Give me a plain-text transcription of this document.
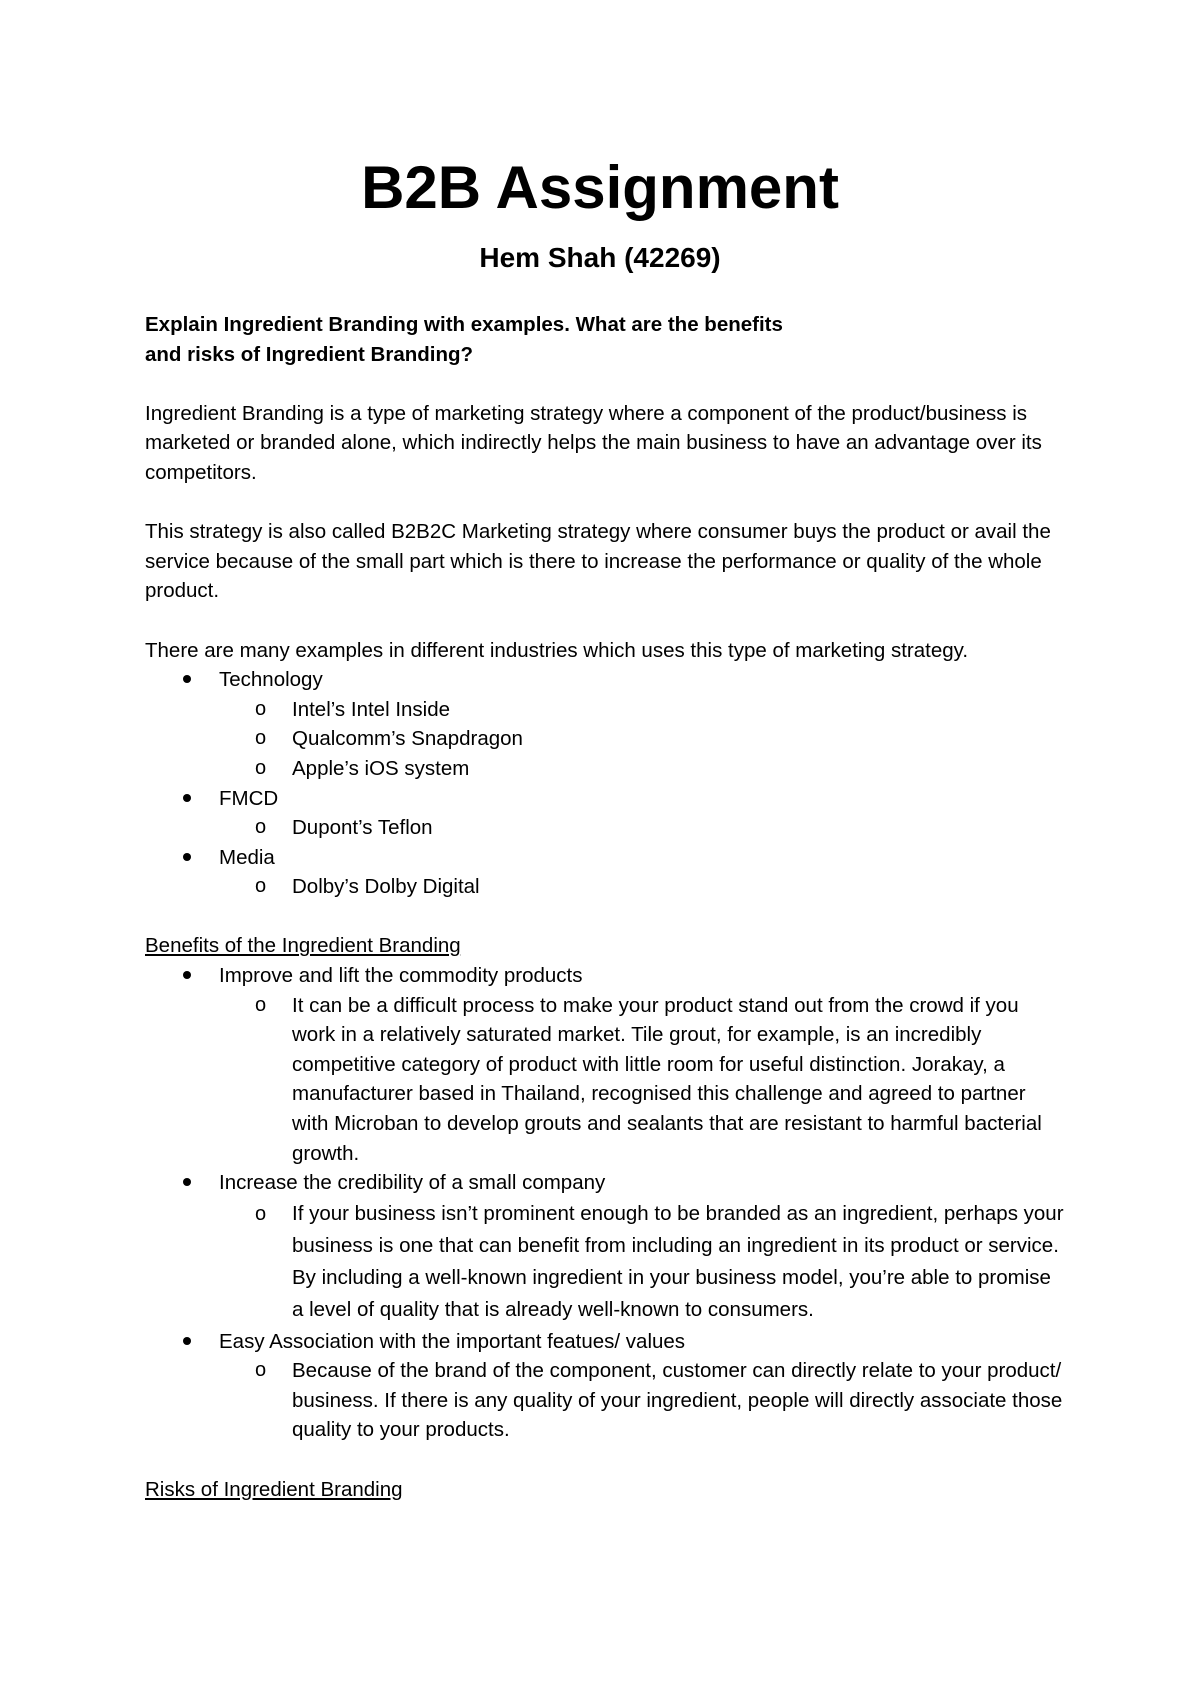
B2B Assignment
Hem Shah (42269)

Explain Ingredient Branding with examples. What are the benefits

and risks of Ingredient Branding?

Ingredient Branding is a type of marketing strategy where a component of the product/business is marketed or branded alone, which indirectly helps the main business to have an advantage over its competitors.

This strategy is also called B2B2C Marketing strategy where consumer buys the product or avail the service because of the small part which is there to increase the performance or quality of the whole product.

There are many examples in different industries which uses this type of marketing strategy.

Technology
o Intel’s Intel Inside
o Qualcomm’s Snapdragon
o Apple’s iOS system
FMCD
o Dupont’s Teflon
Media
o Dolby’s Dolby Digital

Benefits of the Ingredient Branding

Improve and lift the commodity products
o It can be a difficult process to make your product stand out from the crowd if you work in a relatively saturated market. Tile grout, for example, is an incredibly competitive category of product with little room for useful distinction. Jorakay, a manufacturer based in Thailand, recognised this challenge and agreed to partner with Microban to develop grouts and sealants that are resistant to harmful bacterial growth.
Increase the credibility of a small company
o If your business isn’t prominent enough to be branded as an ingredient, perhaps your business is one that can benefit from including an ingredient in its product or service. By including a well-known ingredient in your business model, you’re able to promise a level of quality that is already well-known to consumers.
Easy Association with the important featues/ values
o Because of the brand of the component, customer can directly relate to your product/ business. If there is any quality of your ingredient, people will directly associate those quality to your products.

Risks of Ingredient Branding
